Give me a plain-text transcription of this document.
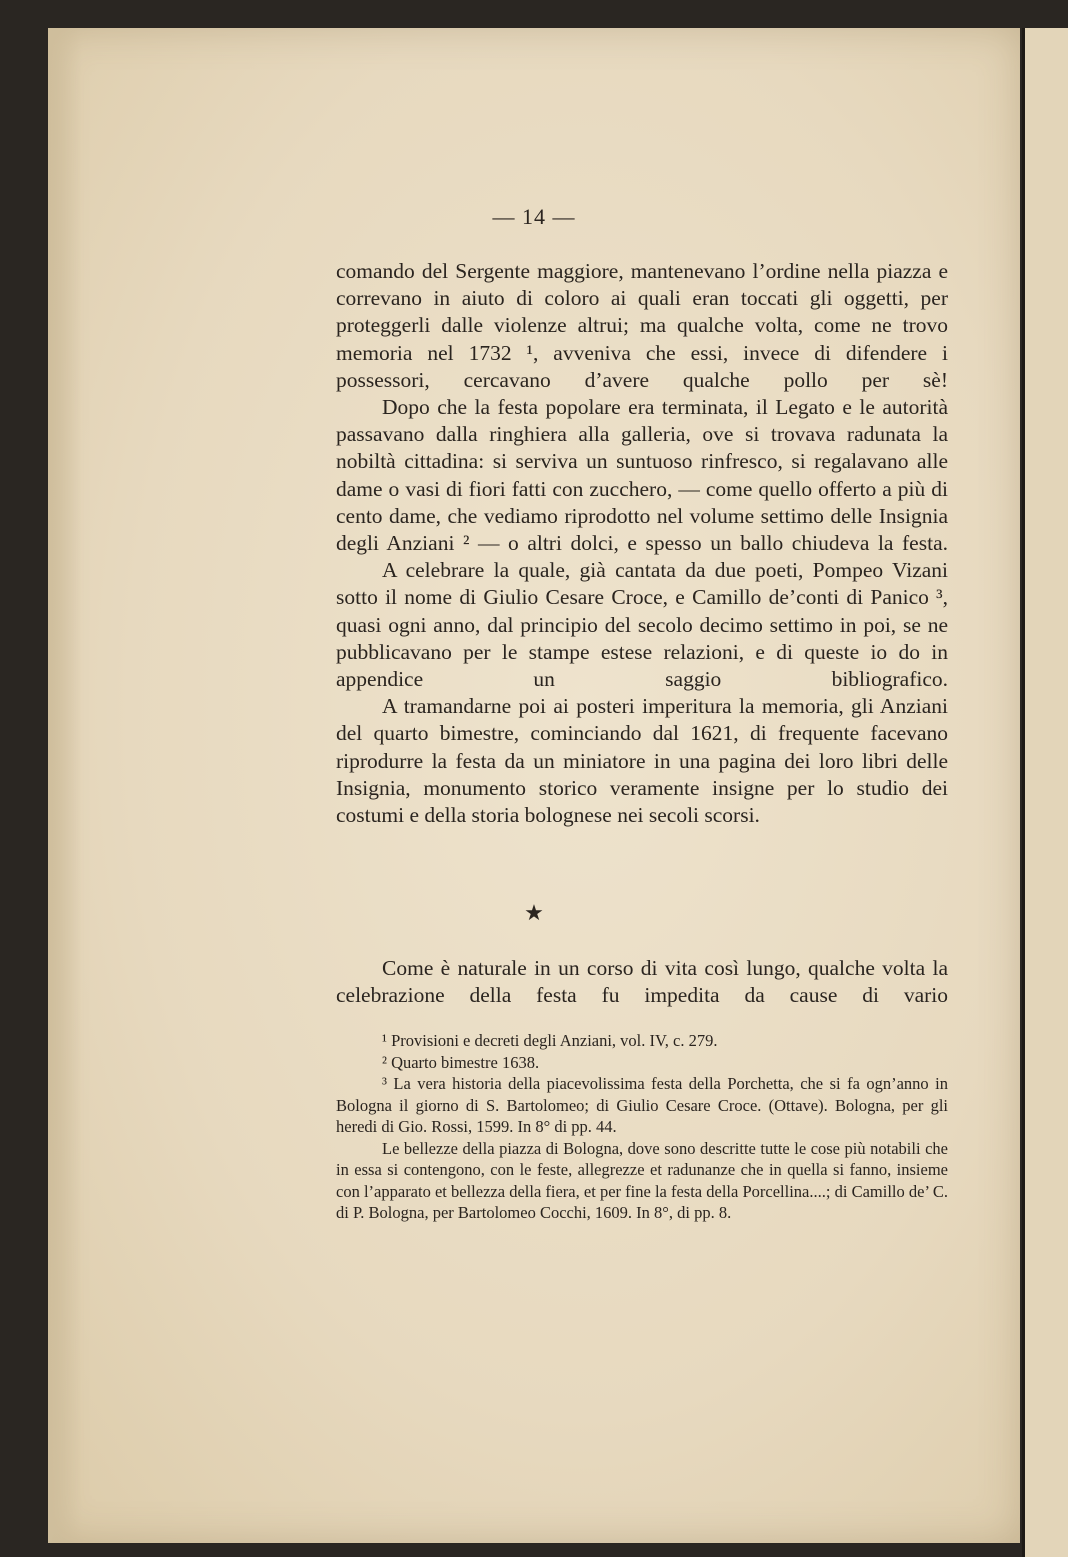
— 14 —

comando del Sergente maggiore, mantenevano l’ordine nella piazza e correvano in aiuto di coloro ai quali eran toccati gli oggetti, per proteggerli dalle violenze altrui; ma qualche volta, come ne trovo memoria nel 1732 ¹, avveniva che essi, invece di difendere i possessori, cercavano d’avere qualche pollo per sè!

Dopo che la festa popolare era terminata, il Legato e le autorità passavano dalla ringhiera alla galleria, ove si trovava radunata la nobiltà cittadina: si serviva un suntuoso rinfresco, si regalavano alle dame o vasi di fiori fatti con zucchero, — come quello offerto a più di cento dame, che vediamo riprodotto nel volume settimo delle Insignia degli Anziani ² — o altri dolci, e spesso un ballo chiudeva la festa.

A celebrare la quale, già cantata da due poeti, Pompeo Vizani sotto il nome di Giulio Cesare Croce, e Camillo de’conti di Panico ³, quasi ogni anno, dal principio del secolo decimo settimo in poi, se ne pubblicavano per le stampe estese relazioni, e di queste io do in appendice un saggio bibliografico.

A tramandarne poi ai posteri imperitura la memoria, gli Anziani del quarto bimestre, cominciando dal 1621, di frequente facevano riprodurre la festa da un miniatore in una pagina dei loro libri delle Insignia, monumento storico veramente insigne per lo studio dei costumi e della storia bolognese nei secoli scorsi.

★

Come è naturale in un corso di vita così lungo, qualche volta la celebrazione della festa fu impedita da cause di vario

¹ Provisioni e decreti degli Anziani, vol. IV, c. 279.

² Quarto bimestre 1638.

³ La vera historia della piacevolissima festa della Porchetta, che si fa ogn’anno in Bologna il giorno di S. Bartolomeo; di Giulio Cesare Croce. (Ottave). Bologna, per gli heredi di Gio. Rossi, 1599. In 8° di pp. 44.

Le bellezze della piazza di Bologna, dove sono descritte tutte le cose più notabili che in essa si contengono, con le feste, allegrezze et radunanze che in quella si fanno, insieme con l’apparato et bellezza della fiera, et per fine la festa della Porcellina....; di Camillo de’ C. di P. Bologna, per Bartolomeo Cocchi, 1609. In 8°, di pp. 8.
